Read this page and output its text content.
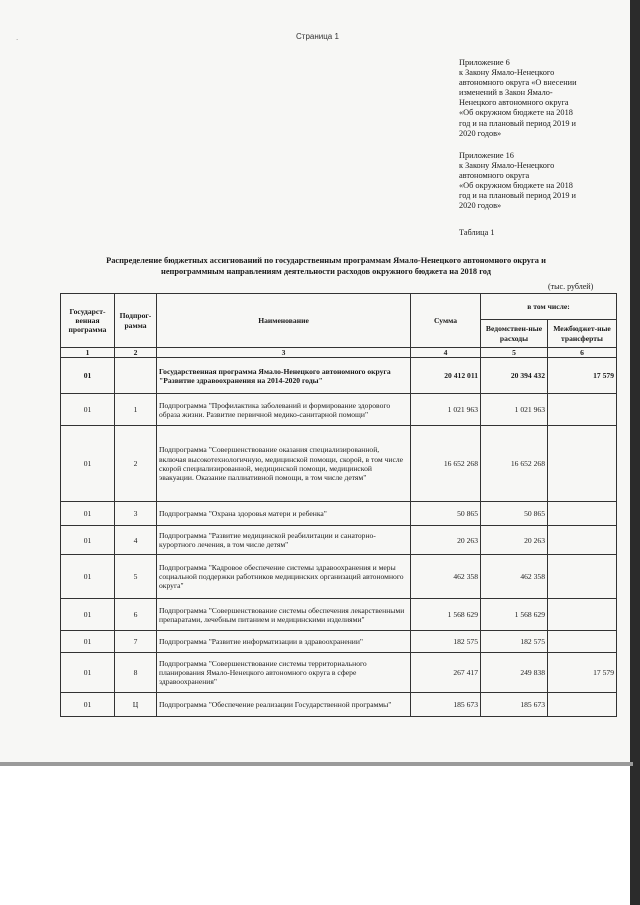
ˋ
Страница 1
Приложение 6
к Закону Ямало-Ненецкого
автономного округа «О внесении
изменений в Закон Ямало-
Ненецкого автономного округа
«Об окружном бюджете на 2018
год и на плановый период 2019 и
2020 годов»
Приложение 16
к Закону Ямало-Ненецкого
автономного округа
«Об окружном бюджете на 2018
год и на плановый период 2019 и
2020 годов»
Таблица 1
Распределение бюджетных ассигнований по государственным программам Ямало-Ненецкого автономного округа и
непрограммным направлениям деятельности расходов окружного бюджета на 2018 год
(тыс. рублей)
Государст-венная программа	Подпрог-рамма	Наименование	Сумма	в том числе:	
				Ведомствен-ные расходы	Межбюджет-ные трансферты
1	2	3	4	5	6
01		Государственная программа Ямало-Ненецкого автономного округа "Развитие здравоохранения на 2014-2020 годы"	20 412 011	20 394 432	17 579
01	1	Подпрограмма "Профилактика заболеваний и формирование здорового образа жизни. Развитие первичной медико-санитарной помощи"	1 021 963	1 021 963	
01	2	Подпрограмма "Совершенствование оказания специализированной, включая высокотехнологичную, медицинской помощи, скорой, в том числе скорой специализированной, медицинской помощи, медицинской эвакуации. Оказание паллиативной помощи, в том числе детям"	16 652 268	16 652 268	
01	3	Подпрограмма "Охрана здоровья матери и ребенка"	50 865	50 865	
01	4	Подпрограмма "Развитие медицинской реабилитации и санаторно-курортного лечения, в том числе детям"	20 263	20 263	
01	5	Подпрограмма "Кадровое обеспечение системы здравоохранения и меры социальной поддержки работников медицинских организаций автономного округа"	462 358	462 358	
01	6	Подпрограмма "Совершенствование системы обеспечения лекарственными препаратами, лечебным питанием и медицинскими изделиями"	1 568 629	1 568 629	
01	7	Подпрограмма "Развитие информатизации в здравоохранении"	182 575	182 575	
01	8	Подпрограмма "Совершенствование системы территориального планирования Ямало-Ненецкого автономного округа в сфере здравоохранения"	267 417	249 838	17 579
01	Ц	Подпрограмма "Обеспечение реализации Государственной программы"	185 673	185 673	
